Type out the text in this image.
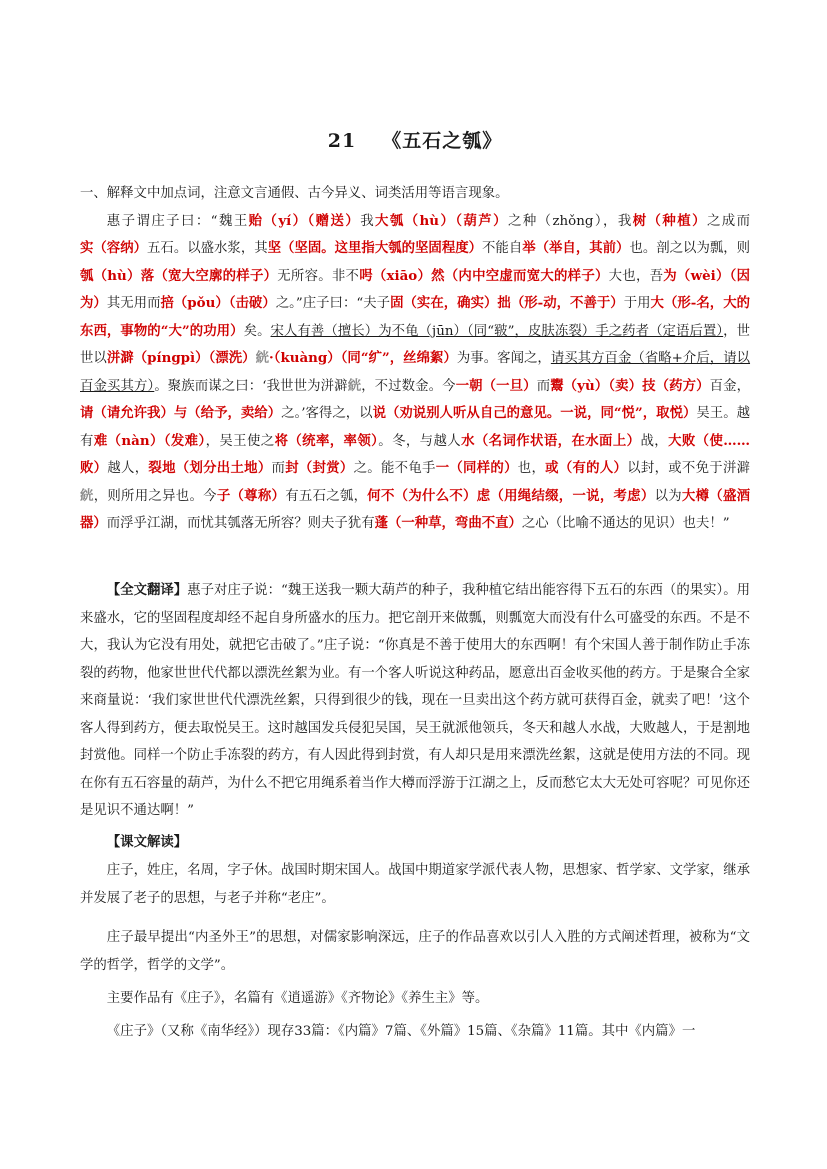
21 《五石之瓠》
一、解释文中加点词，注意文言通假、古今异义、词类活用等语言现象。
惠子谓庄子曰：“魏王贻（yí）（赠送）我大瓠（hù）（葫芦）之种（zhǒng），我树（种植）之成而实（容纳）五石。以盛水浆，其坚（坚固。这里指大瓠的坚固程度）不能自举（举自，其前）也。剖之以为瓢，则瓠（hù）落（宽大空廓的样子）无所容。非不呺（xiāo）然（内中空虚而宽大的样子）大也，吾为（wèi）（因为）其无用而掊（pǒu）（击破）之。”庄子曰：“夫子固（实在，确实）拙（形-动，不善于）于用大（形-名，大的东西，事物的“大”的功用）矣。宋人有善（擅长）为不龟（jūn）（同“皲”，皮肤冻裂）手之药者（定语后置），世世以洴澼（píngpì）（漂洗）絖·（kuàng）（同“纩”，丝绵絮）为事。客闻之，请买其方百金（省略+介后，请以百金买其方）。聚族而谋之曰：‘我世世为洴澼絖，不过数金。今一朝（一旦）而鬻（yù）（卖）技（药方）百金，请（请允许我）与（给予，卖给）之。’客得之，以说（劝说别人听从自己的意见。一说，同“悦”，取悦）吴王。越有难（nàn）（发难），吴王使之将（统率，率领）。冬，与越人水（名词作状语，在水面上）战，大败（使……败）越人，裂地（划分出土地）而封（封赏）之。能不龟手一（同样的）也，或（有的人）以封，或不免于洴澼絖，则所用之异也。今子（尊称）有五石之瓠，何不（为什么不）虑（用绳结缀，一说，考虑）以为大樽（盛酒器）而浮乎江湖，而忧其瓠落无所容？则夫子犹有蓬（一种草，弯曲不直）之心（比喻不通达的见识）也夫！”
【全文翻译】惠子对庄子说：“魏王送我一颗大葫芦的种子，我种植它结出能容得下五石的东西（的果实）。用来盛水，它的坚固程度却经不起自身所盛水的压力。把它剖开来做瓢，则瓢宽大而没有什么可盛受的东西。不是不大，我认为它没有用处，就把它击破了。”庄子说：“你真是不善于使用大的东西啊！有个宋国人善于制作防止手冻裂的药物，他家世世代代都以漂洗丝絮为业。有一个客人听说这种药品，愿意出百金收买他的药方。于是聚合全家来商量说：‘我们家世世代代漂洗丝絮，只得到很少的钱，现在一旦卖出这个药方就可获得百金，就卖了吧！’这个客人得到药方，便去取悦吴王。这时越国发兵侵犯吴国，吴王就派他领兵，冬天和越人水战，大败越人，于是割地封赏他。同样一个防止手冻裂的药方，有人因此得到封赏，有人却只是用来漂洗丝絮，这就是使用方法的不同。现在你有五石容量的葫芦，为什么不把它用绳系着当作大樽而浮游于江湖之上，反而愁它太大无处可容呢？可见你还是见识不通达啊！”
【课文解读】
庄子，姓庄，名周，字子休。战国时期宋国人。战国中期道家学派代表人物，思想家、哲学家、文学家，继承并发展了老子的思想，与老子并称“老庄”。
庄子最早提出“内圣外王”的思想，对儒家影响深远，庄子的作品喜欢以引人入胜的方式阐述哲理，被称为“文学的哲学，哲学的文学”。
主要作品有《庄子》，名篇有《逍遥游》《齐物论》《养生主》等。
《庄子》（又称《南华经》）现存33篇：《内篇》7篇、《外篇》15篇、《杂篇》11篇。其中《内篇》一
